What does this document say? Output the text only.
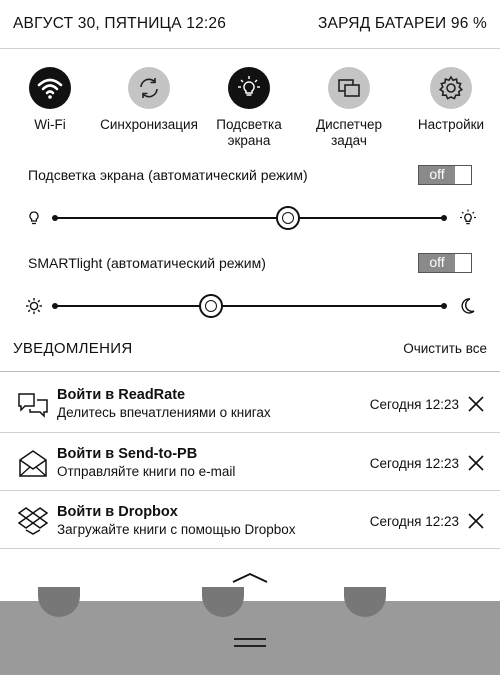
АВГУСТ 30, ПЯТНИЦА 12:26	ЗАРЯД БАТАРЕИ 96 %
Wi-Fi	Синхронизация	Подсветка экрана
Диспетчер задач
Настройки
Подсветка экрана (автоматический режим)	off
SMARTlight (автоматический режим)	off
УВЕДОМЛЕНИЯ	Очистить все
Войти в ReadRate
Делитесь впечатлениями о книгах
Сегодня 12:23
Войти в Send-to-PB
Отправляйте книги по e-mail
Сегодня 12:23
Войти в Dropbox
Загружайте книги с помощью Dropbox
Сегодня 12:23
